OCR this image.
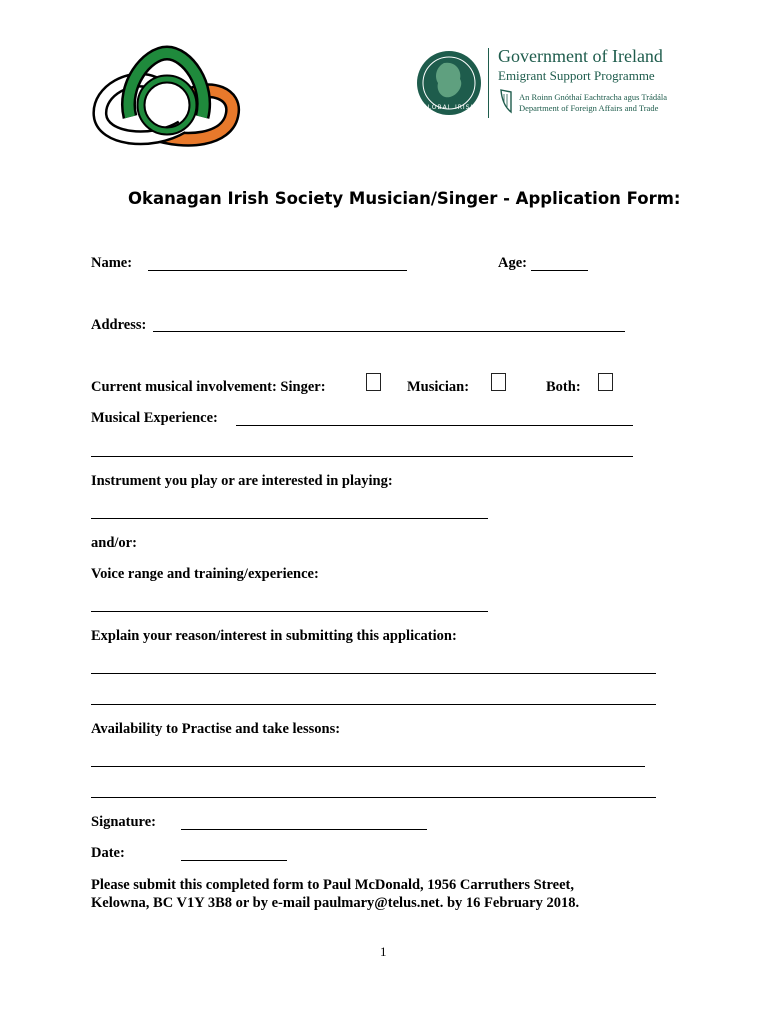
GLOBAL IRISH
Government of Ireland
Emigrant Support Programme
An Roinn Gnóthaí Eachtracha agus Trádála
Department of Foreign Affairs and Trade
Okanagan Irish Society Musician/Singer - Application Form:
Name:	Age:
Address:
Current musical involvement: Singer:	Musician:	Both:
Musical Experience:
Instrument you play or are interested in playing:
and/or:
Voice range and training/experience:
Explain your reason/interest in submitting this application:
Availability to Practise and take lessons:
Signature:
Date:
Please submit this completed form to Paul McDonald, 1956 Carruthers Street,
Kelowna, BC V1Y 3B8 or by e-mail paulmary@telus.net. by 16 February 2018.
1
